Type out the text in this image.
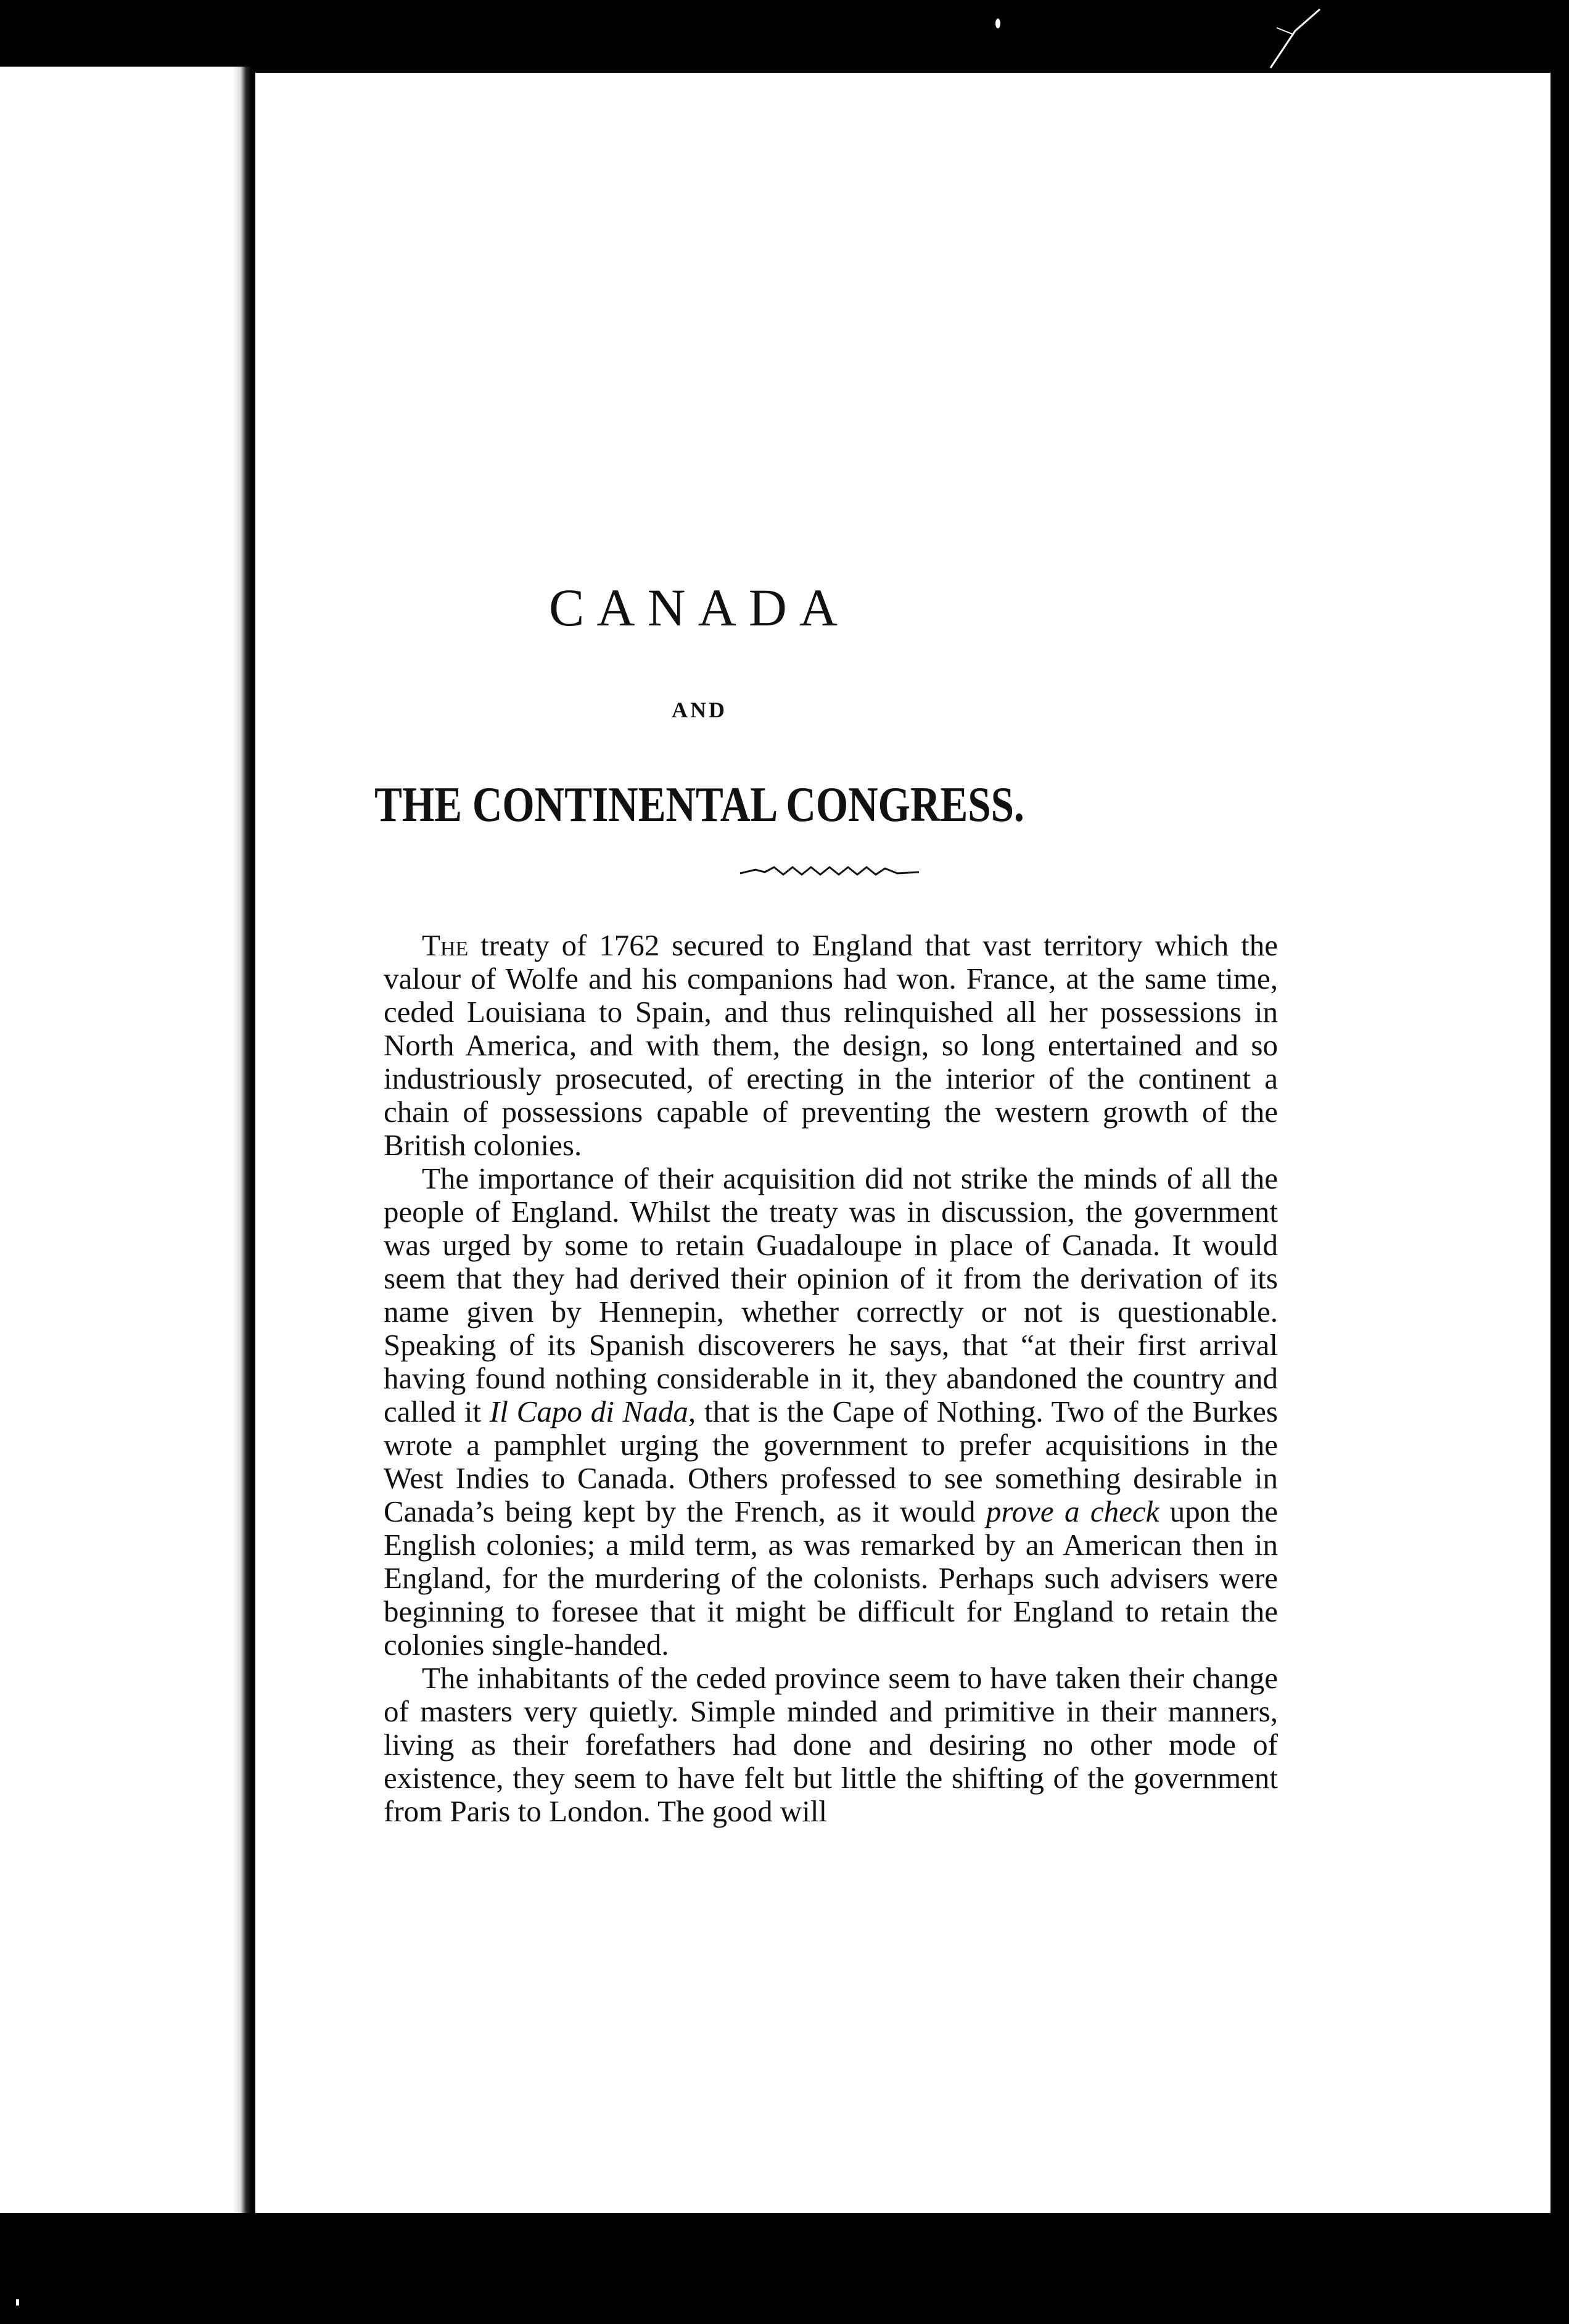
CANADA
AND
THE CONTINENTAL CONGRESS.

The treaty of 1762 secured to England that vast territory which the valour of Wolfe and his companions had won. France, at the same time, ceded Louisiana to Spain, and thus relinquished all her possessions in North America, and with them, the design, so long entertained and so industriously prosecuted, of erecting in the interior of the continent a chain of possessions capable of preventing the western growth of the British colonies.

The importance of their acquisition did not strike the minds of all the people of England. Whilst the treaty was in discussion, the government was urged by some to retain Guadaloupe in place of Canada. It would seem that they had derived their opinion of it from the derivation of its name given by Hennepin, whether correctly or not is questionable. Speaking of its Spanish discoverers he says, that “at their first arrival having found nothing considerable in it, they abandoned the country and called it Il Capo di Nada, that is the Cape of Nothing. Two of the Burkes wrote a pamphlet urging the government to prefer acquisitions in the West Indies to Canada. Others professed to see something desirable in Canada’s being kept by the French, as it would prove a check upon the English colonies; a mild term, as was remarked by an American then in England, for the murdering of the colonists. Perhaps such advisers were beginning to foresee that it might be difficult for England to retain the colonies single-handed.

The inhabitants of the ceded province seem to have taken their change of masters very quietly. Simple minded and primitive in their manners, living as their forefathers had done and desiring no other mode of existence, they seem to have felt but little the shifting of the government from Paris to London. The good will
